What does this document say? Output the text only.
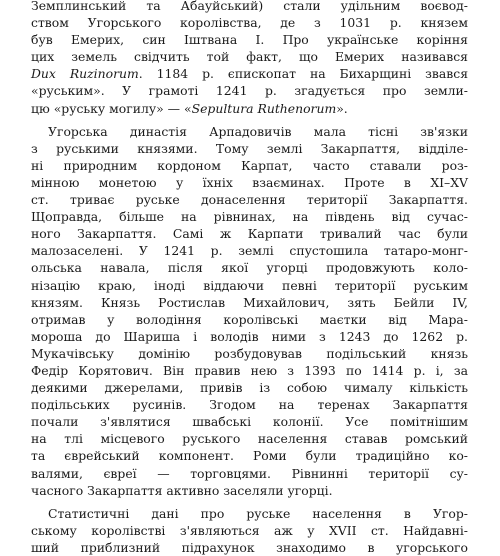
Земплинський та Абауйський) стали удільним воєвод-
ством Угорського королівства, де з 1031 р. князем
був Емерих, син Іштвана І. Про українське коріння
цих земель свідчить той факт, що Емерих називався
Dux Ruzinorum. 1184 р. єпископат на Бихарщині звався
«руським». У грамоті 1241 р. згадується про земли-
цю «руську могилу» — «Sepultura Ruthenorum».
Угорська династія Арпадовичів мала тісні зв'язки
з руськими князями. Тому землі Закарпаття, відділе-
ні природним кордоном Карпат, часто ставали роз-
мінною монетою у їхніх взаєминах. Проте в XI–XV
ст. триває руське донаселення території Закарпаття.
Щоправда, більше на рівнинах, на південь від сучас-
ного Закарпаття. Самі ж Карпати тривалий час були
малозаселені. У 1241 р. землі спустошила татаро-монг-
ольська навала, після якої угорці продовжують коло-
нізацію краю, іноді віддаючи певні території руським
князям. Князь Ростислав Михайлович, зять Бейли IV,
отримав у володіння королівські маєтки від Мара-
мороша до Шариша і володів ними з 1243 до 1262 р.
Мукачівську домінію розбудовував подільський князь
Федір Корятович. Він правив нею з 1393 по 1414 р. і, за
деякими джерелами, привів із собою чималу кількість
подільських русинів. Згодом на теренах Закарпаття
почали з'являтися швабські колонії. Усе помітнішим
на тлі місцевого руського населення ставав ромський
та єврейський компонент. Роми були традиційно ко-
валями, євреї — торговцями. Рівнинні території су-
часного Закарпаття активно заселяли угорці.
Статистичні дані про руське населення в Угор-
ському королівстві з'являються аж у XVII ст. Найдавні-
ший приблизний підрахунок знаходимо в угорського
